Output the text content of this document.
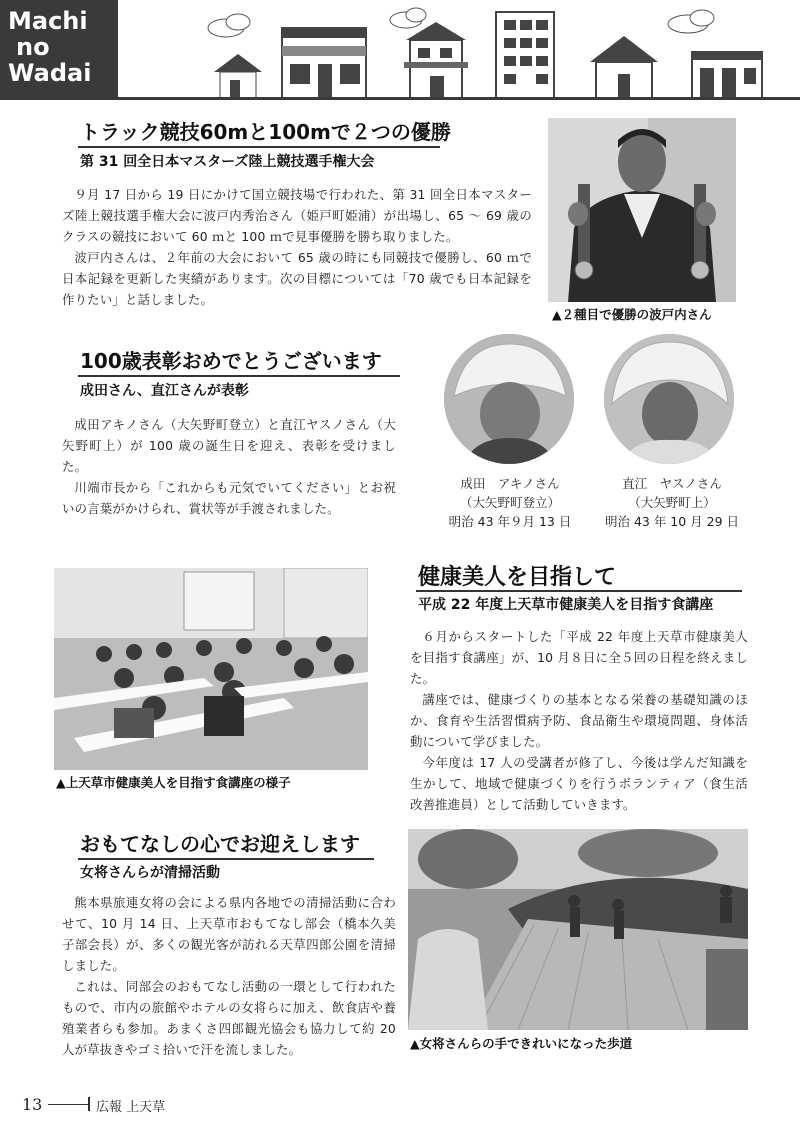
Machi
no
Wadai
トラック競技60mと100mで２つの優勝
第 31 回全日本マスターズ陸上競技選手権大会

９月 17 日から 19 日にかけて国立競技場で行われた、第 31 回全日本マスターズ陸上競技選手権大会に波戸内秀治さん（姫戸町姫浦）が出場し、65 〜 69 歳のクラスの競技において 60 ｍと 100 ｍで見事優勝を勝ち取りました。

波戸内さんは、２年前の大会において 65 歳の時にも同競技で優勝し、60 ｍで日本記録を更新した実績があります。次の目標については「70 歳でも日本記録を作りたい」と話しました。

▲２種目で優勝の波戸内さん
100歳表彰おめでとうございます
成田さん、直江さんが表彰

成田アキノさん（大矢野町登立）と直江ヤスノさん（大矢野町上）が 100 歳の誕生日を迎え、表彰を受けました。

川端市長から「これからも元気でいてください」とお祝いの言葉がかけられ、賞状等が手渡されました。

成田　アキノさん
（大矢野町登立）
明治 43 年９月 13 日
直江　ヤスノさん
（大矢野町上）
明治 43 年 10 月 29 日
▲上天草市健康美人を目指す食講座の様子
健康美人を目指して
平成 22 年度上天草市健康美人を目指す食講座

６月からスタートした「平成 22 年度上天草市健康美人を目指す食講座」が、10 月８日に全５回の日程を終えました。

講座では、健康づくりの基本となる栄養の基礎知識のほか、食育や生活習慣病予防、食品衛生や環境問題、身体活動について学びました。

今年度は 17 人の受講者が修了し、今後は学んだ知識を生かして、地域で健康づくりを行うボランティア（食生活改善推進員）として活動していきます。

おもてなしの心でお迎えします
女将さんらが清掃活動

熊本県旅連女将の会による県内各地での清掃活動に合わせて、10 月 14 日、上天草市おもてなし部会（橋本久美子部会長）が、多くの観光客が訪れる天草四郎公園を清掃しました。

これは、同部会のおもてなし活動の一環として行われたもので、市内の旅館やホテルの女将らに加え、飲食店や養殖業者らも参加。あまくさ四郎観光協会も協力して約 20 人が草抜きやゴミ拾いで汗を流しました。	▲女将さんらの手できれいになった歩道
13	広報 上天草
